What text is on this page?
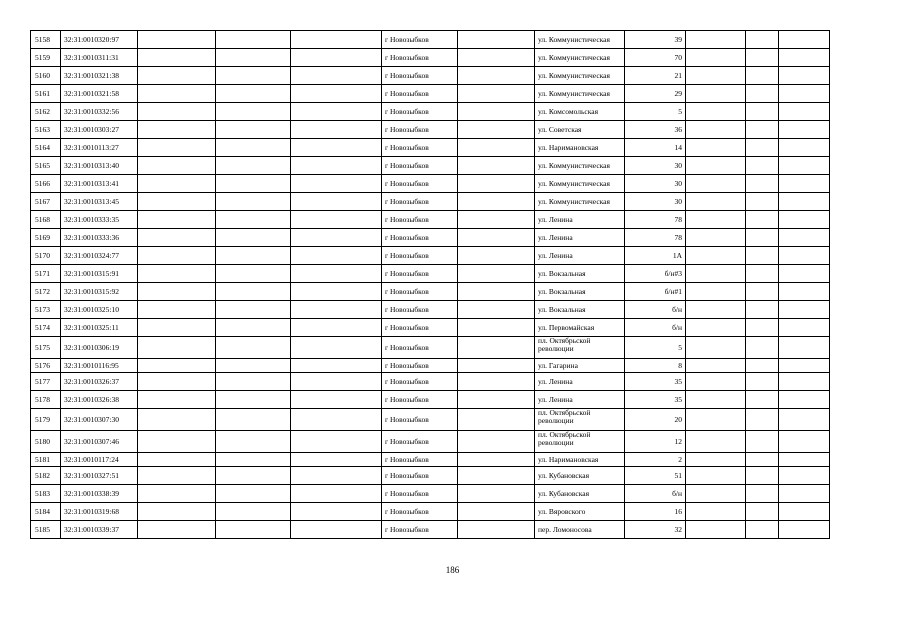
5158	32:31:0010320:97				г Новозыбков		ул. Коммунистическая	39			
5159	32:31:0010311:31				г Новозыбков		ул. Коммунистическая	70			
5160	32:31:0010321:38				г Новозыбков		ул. Коммунистическая	21			
5161	32:31:0010321:58				г Новозыбков		ул. Коммунистическая	29			
5162	32:31:0010332:56				г Новозыбков		ул. Комсомольская	5			
5163	32:31:0010303:27				г Новозыбков		ул. Советская	36			
5164	32:31:0010113:27				г Новозыбков		ул. Наримановская	14			
5165	32:31:0010313:40				г Новозыбков		ул. Коммунистическая	30			
5166	32:31:0010313:41				г Новозыбков		ул. Коммунистическая	30			
5167	32:31:0010313:45				г Новозыбков		ул. Коммунистическая	30			
5168	32:31:0010333:35				г Новозыбков		ул. Ленина	78			
5169	32:31:0010333:36				г Новозыбков		ул. Ленина	78			
5170	32:31:0010324:77				г Новозыбков		ул. Ленина	1А			
5171	32:31:0010315:91				г Новозыбков		ул. Вокзальная	б/н#3			
5172	32:31:0010315:92				г Новозыбков		ул. Вокзальная	б/н#1			
5173	32:31:0010325:10				г Новозыбков		ул. Вокзальная	б/н			
5174	32:31:0010325:11				г Новозыбков		ул. Первомайская	б/н			
5175	32:31:0010306:19				г Новозыбков		пл. Октябрьской революции	5			
5176	32:31:0010116:95				г Новозыбков		ул. Гагарина	8			
5177	32:31:0010326:37				г Новозыбков		ул. Ленина	35			
5178	32:31:0010326:38				г Новозыбков		ул. Ленина	35			
5179	32:31:0010307:30				г Новозыбков		пл. Октябрьской революции	20			
5180	32:31:0010307:46				г Новозыбков		пл. Октябрьской революции	12			
5181	32:31:0010117:24				г Новозыбков		ул. Наримановская	2			
5182	32:31:0010327:51				г Новозыбков		ул. Кубановская	51			
5183	32:31:0010338:39				г Новозыбков		ул. Кубановская	б/н			
5184	32:31:0010319:68				г Новозыбков		ул. Вяровского	16			
5185	32:31:0010339:37				г Новозыбков		пер. Ломоносова	32			
186
